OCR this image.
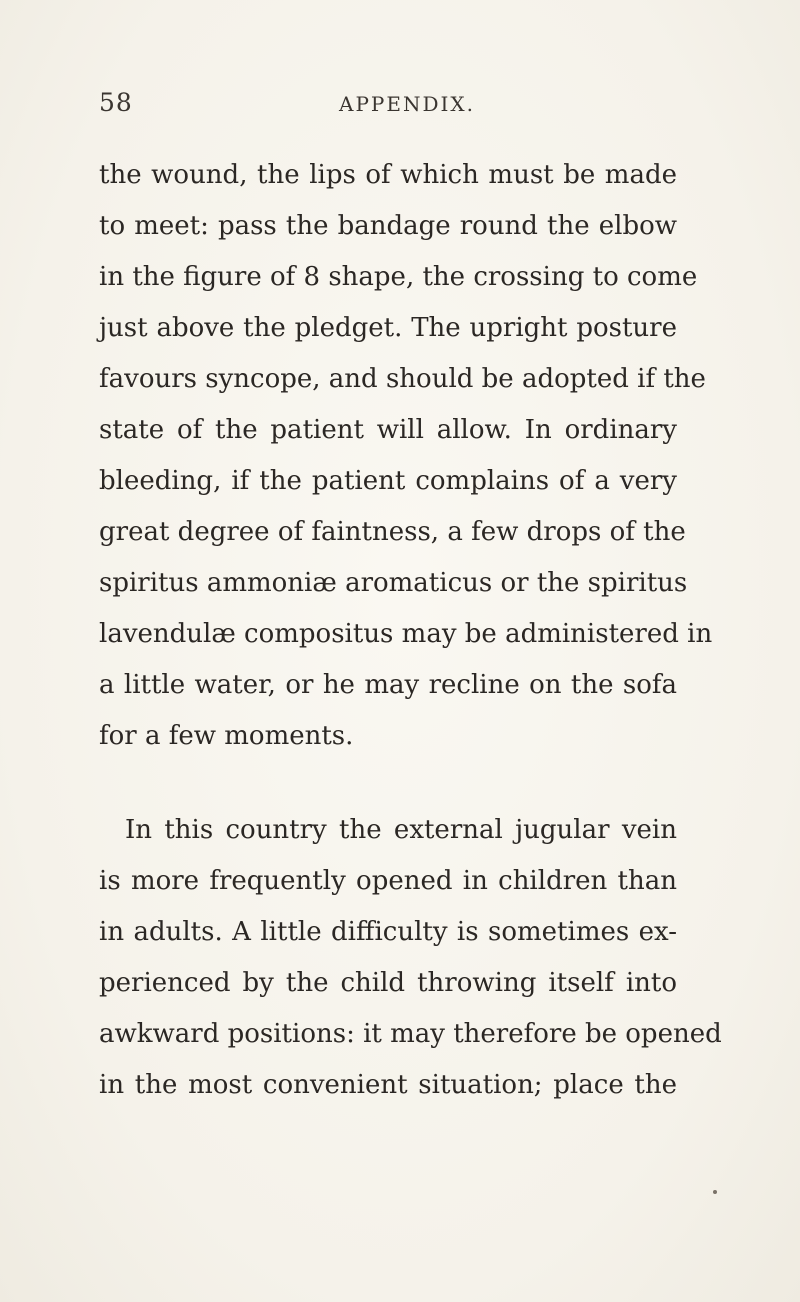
58	APPENDIX.
the wound, the lips of which must be made
to meet: pass the bandage round the elbow
in the figure of 8 shape, the crossing to come
just above the pledget. The upright posture
favours syncope, and should be adopted if the
state of the patient will allow. In ordinary
bleeding, if the patient complains of a very
great degree of faintness, a few drops of the
spiritus ammoniæ aromaticus or the spiritus
lavendulæ compositus may be administered in
a little water, or he may recline on the sofa
for a few moments.
In this country the external jugular vein
is more frequently opened in children than
in adults. A little difficulty is sometimes ex-
perienced by the child throwing itself into
awkward positions: it may therefore be opened
in the most convenient situation; place the
